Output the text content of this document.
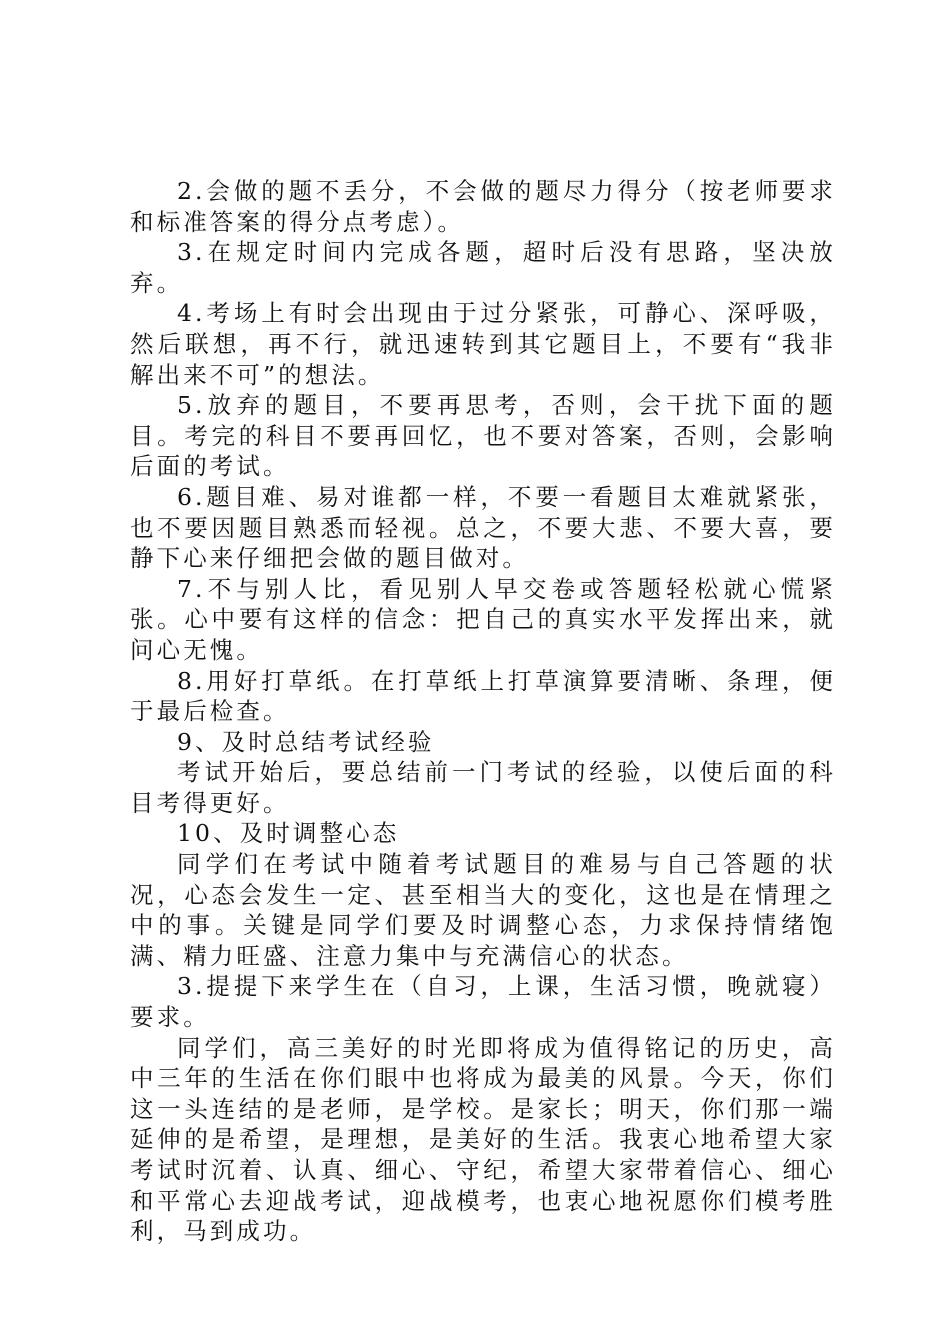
2.会做的题不丢分，不会做的题尽力得分（按老师要求和标准答案的得分点考虑）。

3.在规定时间内完成各题，超时后没有思路，坚决放弃。

4.考场上有时会出现由于过分紧张，可静心、深呼吸，然后联想，再不行，就迅速转到其它题目上，不要有“我非解出来不可”的想法。

5.放弃的题目，不要再思考，否则，会干扰下面的题目。考完的科目不要再回忆，也不要对答案，否则，会影响后面的考试。

6.题目难、易对谁都一样，不要一看题目太难就紧张，也不要因题目熟悉而轻视。总之，不要大悲、不要大喜，要静下心来仔细把会做的题目做对。

7.不与别人比，看见别人早交卷或答题轻松就心慌紧张。心中要有这样的信念：把自己的真实水平发挥出来，就问心无愧。

8.用好打草纸。在打草纸上打草演算要清晰、条理，便于最后检查。

9、及时总结考试经验

考试开始后，要总结前一门考试的经验，以使后面的科目考得更好。

10、及时调整心态

同学们在考试中随着考试题目的难易与自己答题的状况，心态会发生一定、甚至相当大的变化，这也是在情理之中的事。关键是同学们要及时调整心态，力求保持情绪饱满、精力旺盛、注意力集中与充满信心的状态。

3.提提下来学生在（自习，上课，生活习惯，晚就寝）要求。

同学们，高三美好的时光即将成为值得铭记的历史，高中三年的生活在你们眼中也将成为最美的风景。今天，你们这一头连结的是老师，是学校。是家长；明天，你们那一端延伸的是希望，是理想，是美好的生活。我衷心地希望大家考试时沉着、认真、细心、守纪，希望大家带着信心、细心和平常心去迎战考试，迎战模考，也衷心地祝愿你们模考胜利，马到成功。
